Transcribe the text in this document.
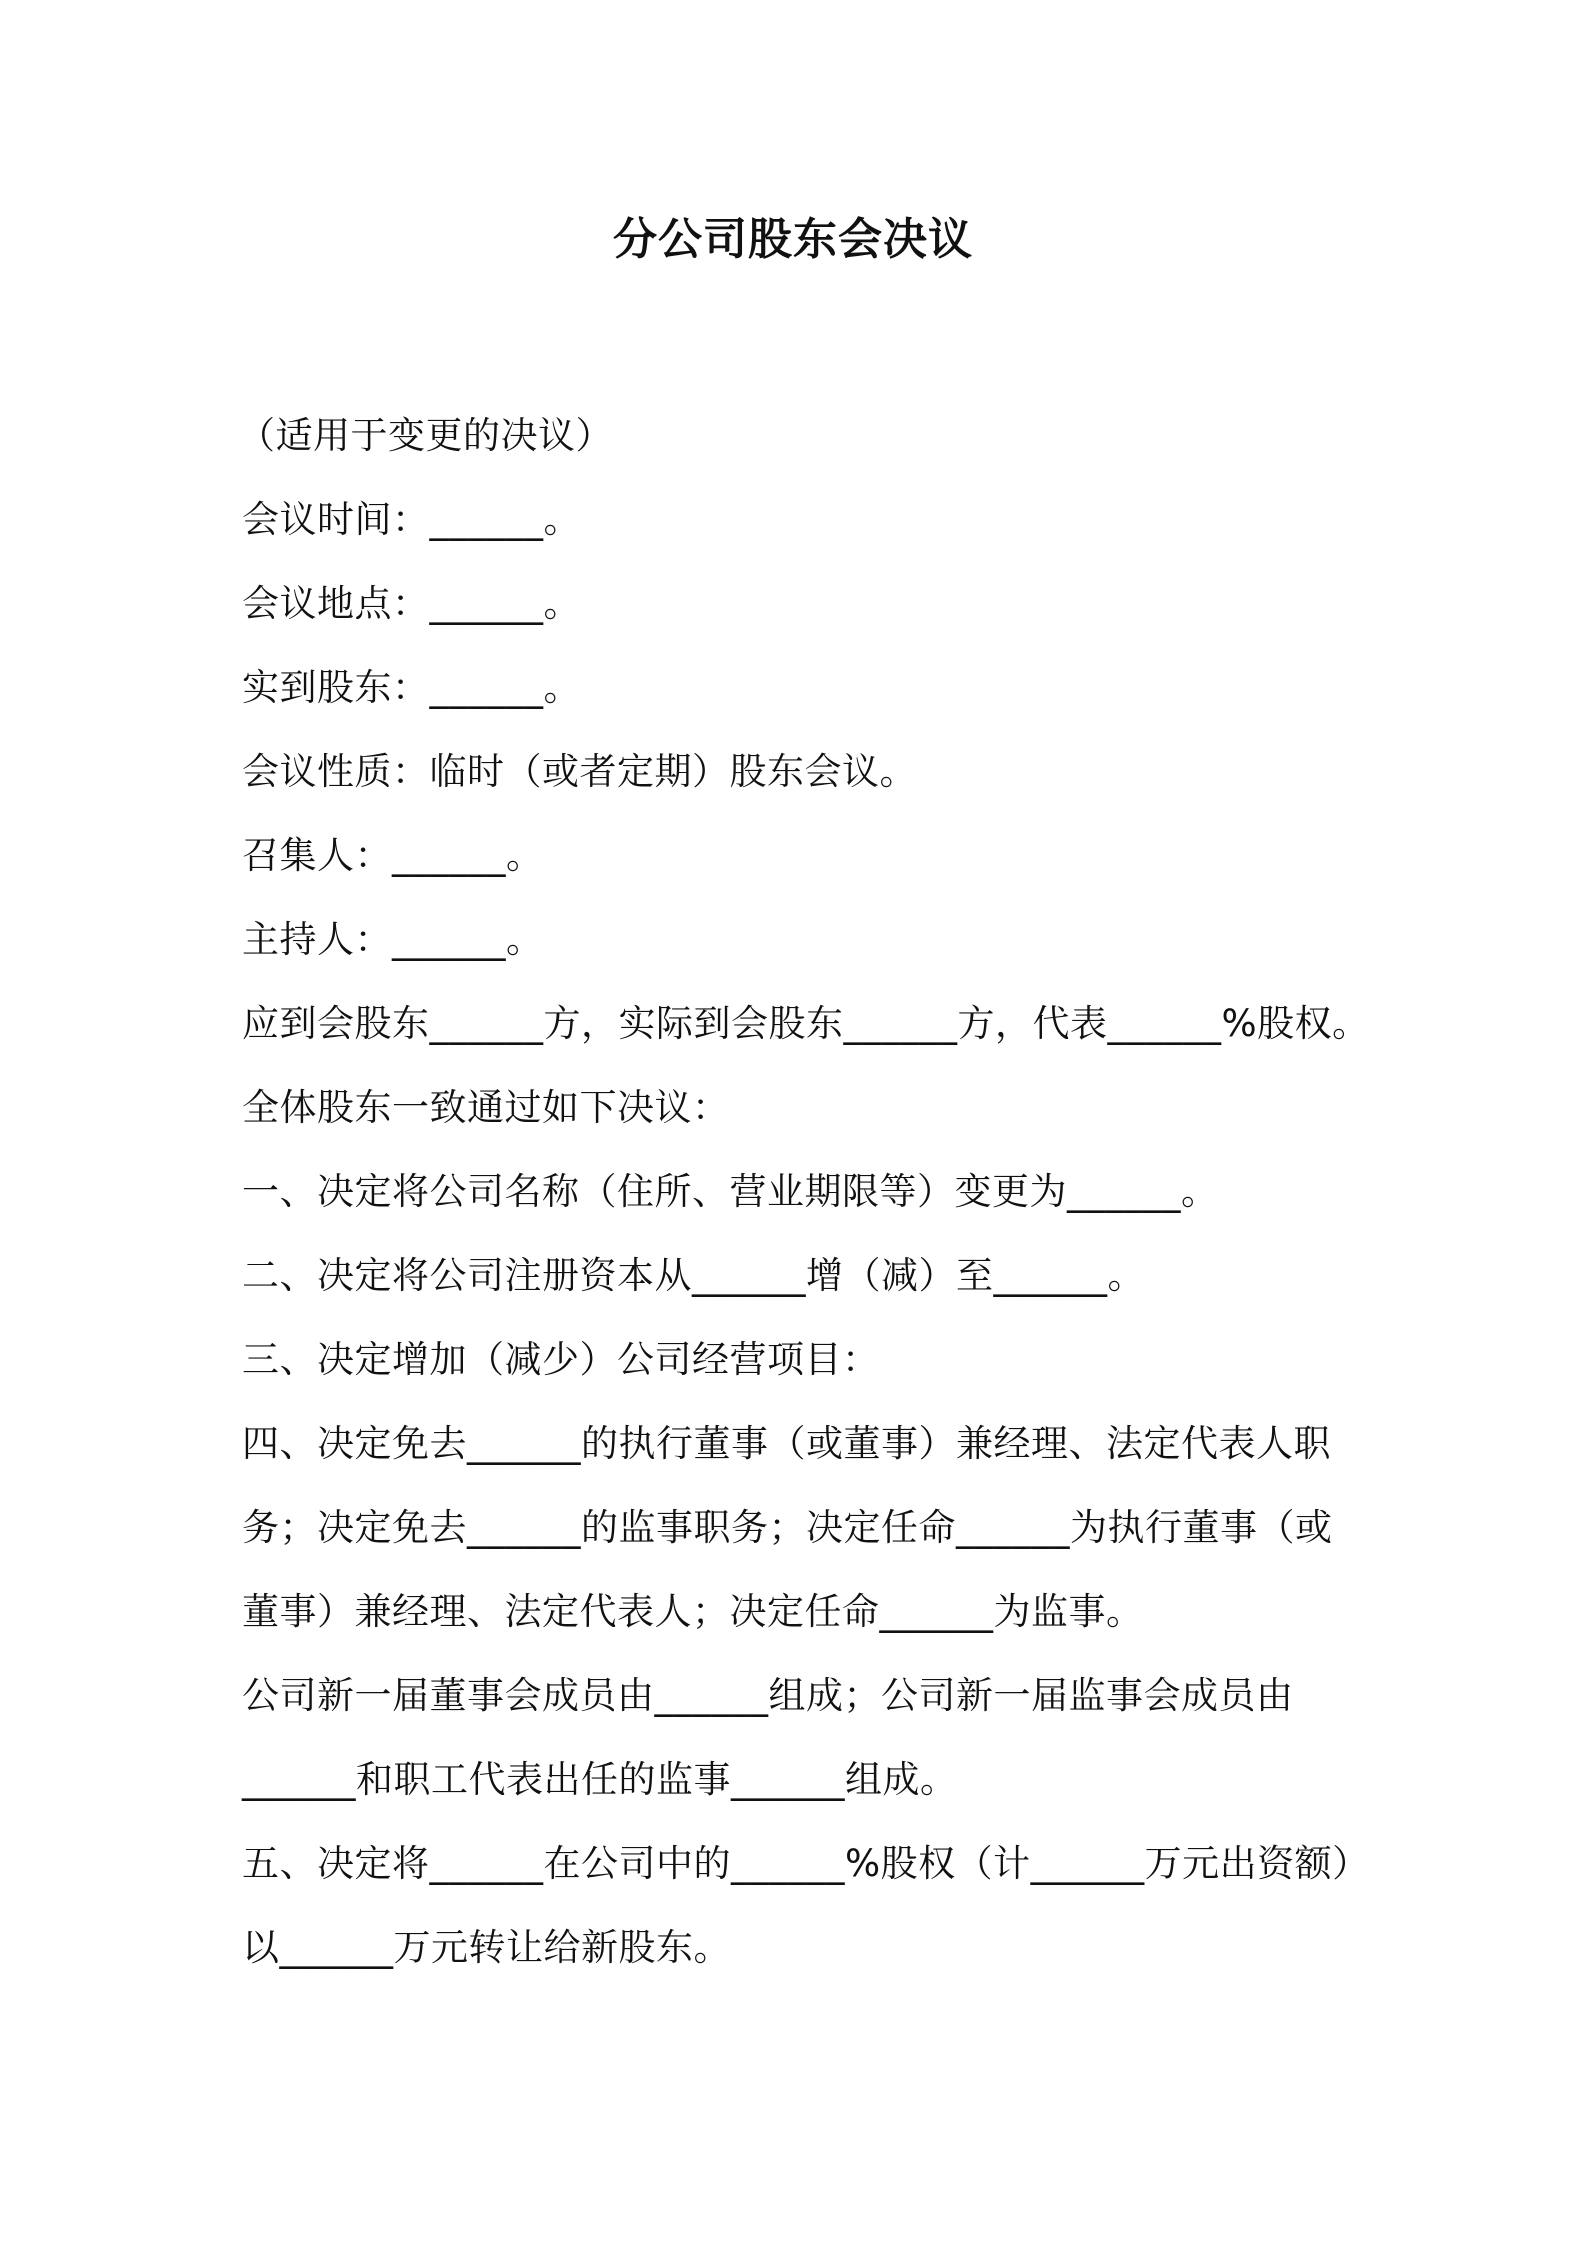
分公司股东会决议
（适用于变更的决议）
会议时间：______。
会议地点：______。
实到股东：______。
会议性质：临时（或者定期）股东会议。
召集人：______。
主持人：______。
应到会股东______方，实际到会股东______方，代表______%股权。
全体股东一致通过如下决议：
一、决定将公司名称（住所、营业期限等）变更为______。
二、决定将公司注册资本从______增（减）至______。
三、决定增加（减少）公司经营项目：
四、决定免去______的执行董事（或董事）兼经理、法定代表人职
务；决定免去______的监事职务；决定任命______为执行董事（或
董事）兼经理、法定代表人；决定任命______为监事。
公司新一届董事会成员由______组成；公司新一届监事会成员由
______和职工代表出任的监事______组成。
五、决定将______在公司中的______%股权（计______万元出资额）
以______万元转让给新股东。
